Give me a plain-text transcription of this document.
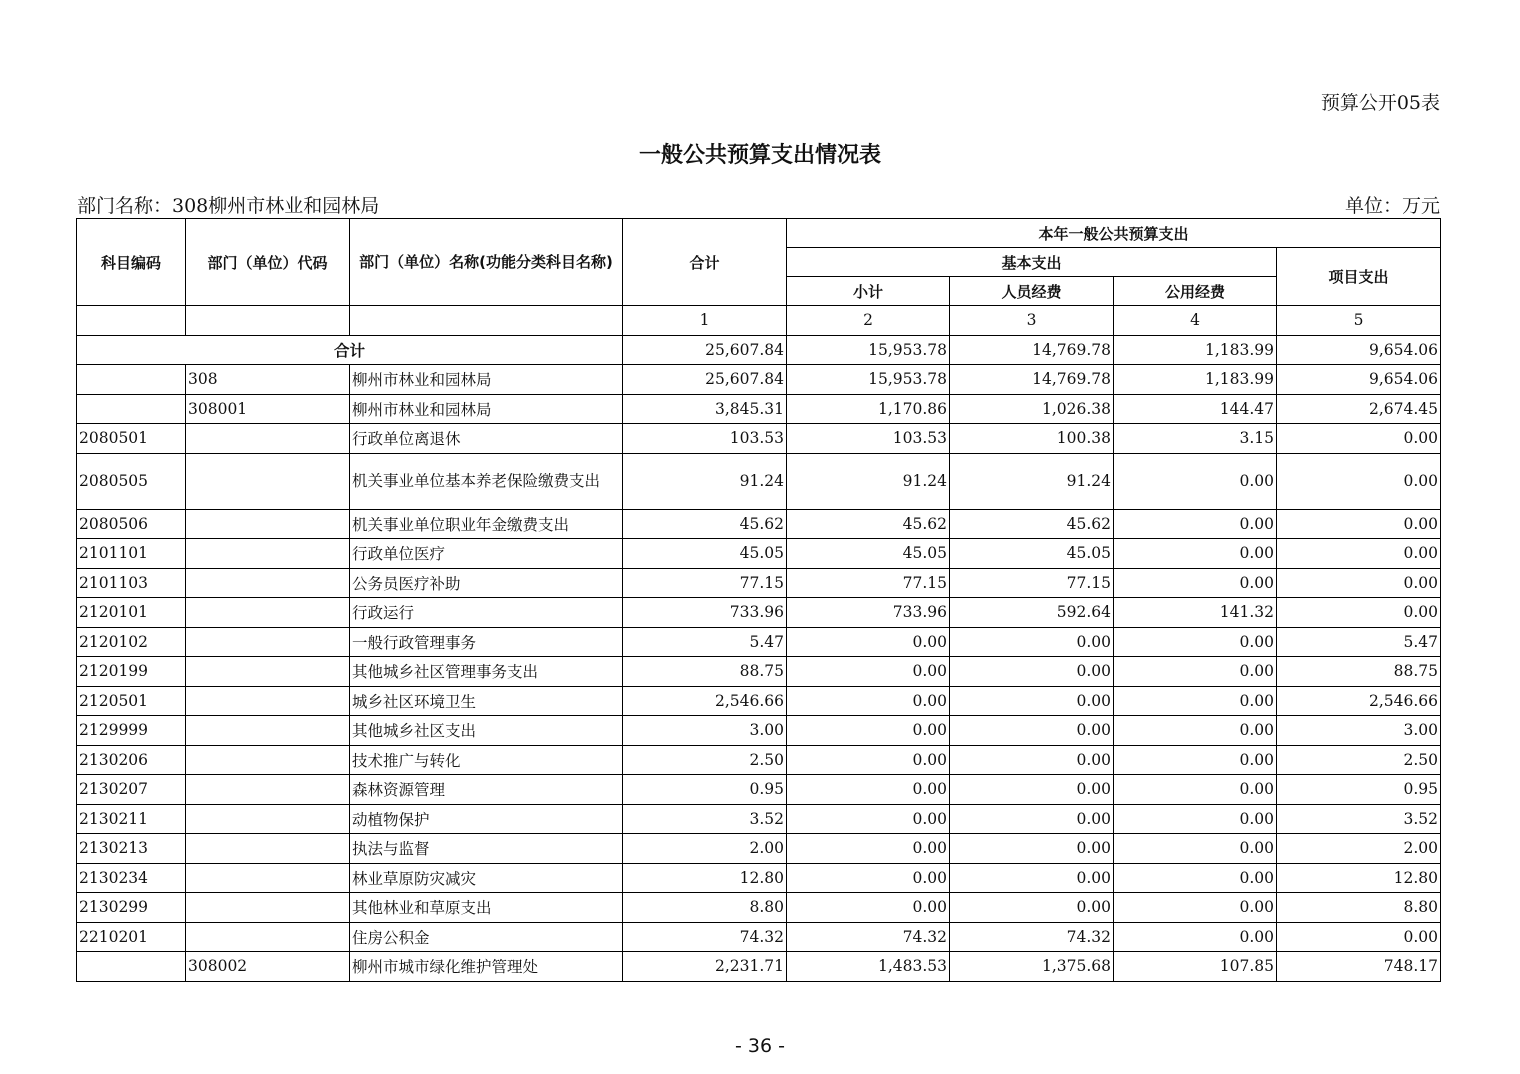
预算公开05表
一般公共预算支出情况表
部门名称：308柳州市林业和园林局	单位：万元
科目编码	部门（单位）代码	部门（单位）名称(功能分类科目名称)	合计	本年一般公共预算支出			
				基本支出			项目支出
				小计	人员经费	公用经费	
			1	2	3	4	5
合计			25,607.84	15,953.78	14,769.78	1,183.99	9,654.06
	308	柳州市林业和园林局	25,607.84	15,953.78	14,769.78	1,183.99	9,654.06
	308001	柳州市林业和园林局	3,845.31	1,170.86	1,026.38	144.47	2,674.45
2080501		行政单位离退休	103.53	103.53	100.38	3.15	0.00
2080505		机关事业单位基本养老保险缴费支出	91.24	91.24	91.24	0.00	0.00
2080506		机关事业单位职业年金缴费支出	45.62	45.62	45.62	0.00	0.00
2101101		行政单位医疗	45.05	45.05	45.05	0.00	0.00
2101103		公务员医疗补助	77.15	77.15	77.15	0.00	0.00
2120101		行政运行	733.96	733.96	592.64	141.32	0.00
2120102		一般行政管理事务	5.47	0.00	0.00	0.00	5.47
2120199		其他城乡社区管理事务支出	88.75	0.00	0.00	0.00	88.75
2120501		城乡社区环境卫生	2,546.66	0.00	0.00	0.00	2,546.66
2129999		其他城乡社区支出	3.00	0.00	0.00	0.00	3.00
2130206		技术推广与转化	2.50	0.00	0.00	0.00	2.50
2130207		森林资源管理	0.95	0.00	0.00	0.00	0.95
2130211		动植物保护	3.52	0.00	0.00	0.00	3.52
2130213		执法与监督	2.00	0.00	0.00	0.00	2.00
2130234		林业草原防灾减灾	12.80	0.00	0.00	0.00	12.80
2130299		其他林业和草原支出	8.80	0.00	0.00	0.00	8.80
2210201		住房公积金	74.32	74.32	74.32	0.00	0.00
	308002	柳州市城市绿化维护管理处	2,231.71	1,483.53	1,375.68	107.85	748.17
- 36 -
